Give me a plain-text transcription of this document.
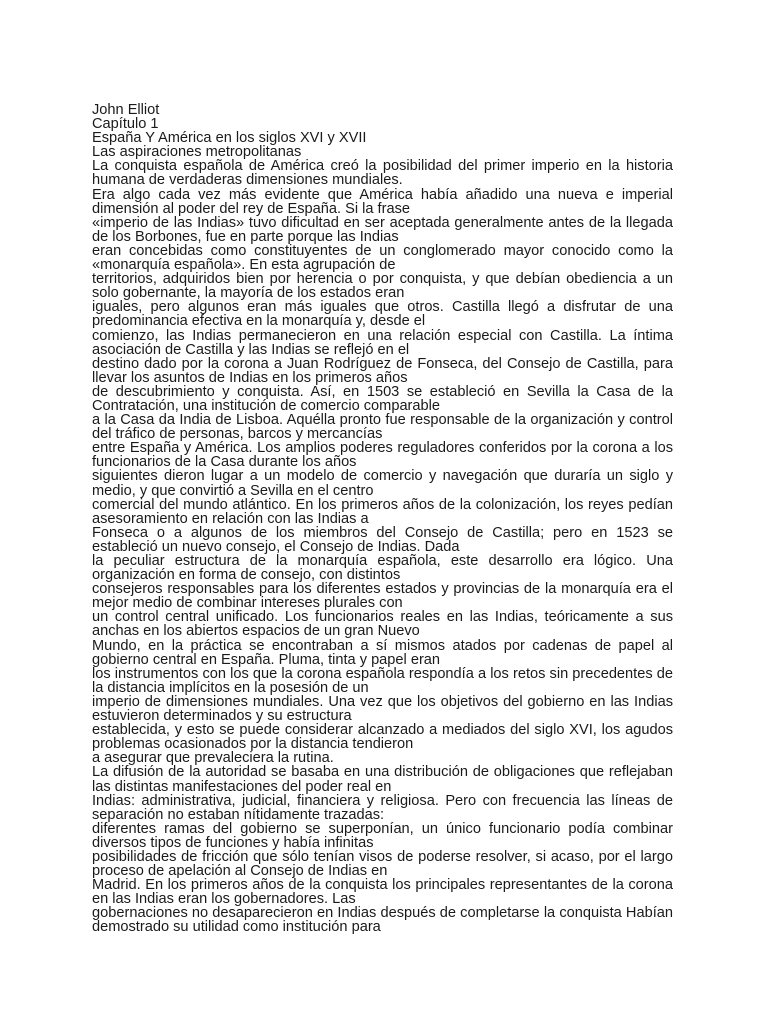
John Elliot
Capítulo 1
España Y América en los siglos XVI y XVII
Las aspiraciones metropolitanas

La conquista española de América creó la posibilidad del primer imperio en la historia humana de verdaderas dimensiones mundiales.

Era algo cada vez más evidente que América había añadido una nueva e imperial dimensión al poder del rey de España. Si la frase

«imperio de las Indias» tuvo dificultad en ser aceptada generalmente antes de la llegada de los Borbones, fue en parte porque las Indias

eran concebidas como constituyentes de un conglomerado mayor conocido como la «monarquía española». En esta agrupación de

territorios, adquiridos bien por herencia o por conquista, y que debían obediencia a un solo gobernante, la mayoría de los estados eran

iguales, pero algunos eran más iguales que otros. Castilla llegó a disfrutar de una predominancia efectiva en la monarquía y, desde el

comienzo, las Indias permanecieron en una relación especial con Castilla. La íntima asociación de Castilla y las Indias se reflejó en el

destino dado por la corona a Juan Rodríguez de Fonseca, del Consejo de Castilla, para llevar los asuntos de Indias en los primeros años

de descubrimiento y conquista. Así, en 1503 se estableció en Sevilla la Casa de la Contratación, una institución de comercio comparable

a la Casa da India de Lisboa. Aquélla pronto fue responsable de la organización y control del tráfico de personas, barcos y mercancías

entre España y América. Los amplios poderes reguladores conferidos por la corona a los funcionarios de la Casa durante los años

siguientes dieron lugar a un modelo de comercio y navegación que duraría un siglo y medio, y que convirtió a Sevilla en el centro

comercial del mundo atlántico. En los primeros años de la colonización, los reyes pedían asesoramiento en relación con las Indias a

Fonseca o a algunos de los miembros del Consejo de Castilla; pero en 1523 se estableció un nuevo consejo, el Consejo de Indias. Dada

la peculiar estructura de la monarquía española, este desarrollo era lógico. Una organización en forma de consejo, con distintos

consejeros responsables para los diferentes estados y provincias de la monarquía era el mejor medio de combinar intereses plurales con

un control central unificado. Los funcionarios reales en las Indias, teóricamente a sus anchas en los abiertos espacios de un gran Nuevo

Mundo, en la práctica se encontraban a sí mismos atados por cadenas de papel al gobierno central en España. Pluma, tinta y papel eran

los instrumentos con los que la corona española respondía a los retos sin precedentes de la distancia implícitos en la posesión de un

imperio de dimensiones mundiales. Una vez que los objetivos del gobierno en las Indias estuvieron determinados y su estructura

establecida, y esto se puede considerar alcanzado a mediados del siglo XVI, los agudos problemas ocasionados por la distancia tendieron

a asegurar que prevaleciera la rutina.

La difusión de la autoridad se basaba en una distribución de obligaciones que reflejaban las distintas manifestaciones del poder real en

Indias: administrativa, judicial, financiera y religiosa. Pero con frecuencia las líneas de separación no estaban nítidamente trazadas:

diferentes ramas del gobierno se superponían, un único funcionario podía combinar diversos tipos de funciones y había infinitas

posibilidades de fricción que sólo tenían visos de poderse resolver, si acaso, por el largo proceso de apelación al Consejo de Indias en

Madrid. En los primeros años de la conquista los principales representantes de la corona en las Indias eran los gobernadores. Las

gobernaciones no desaparecieron en Indias después de completarse la conquista Habían demostrado su utilidad como institución para
